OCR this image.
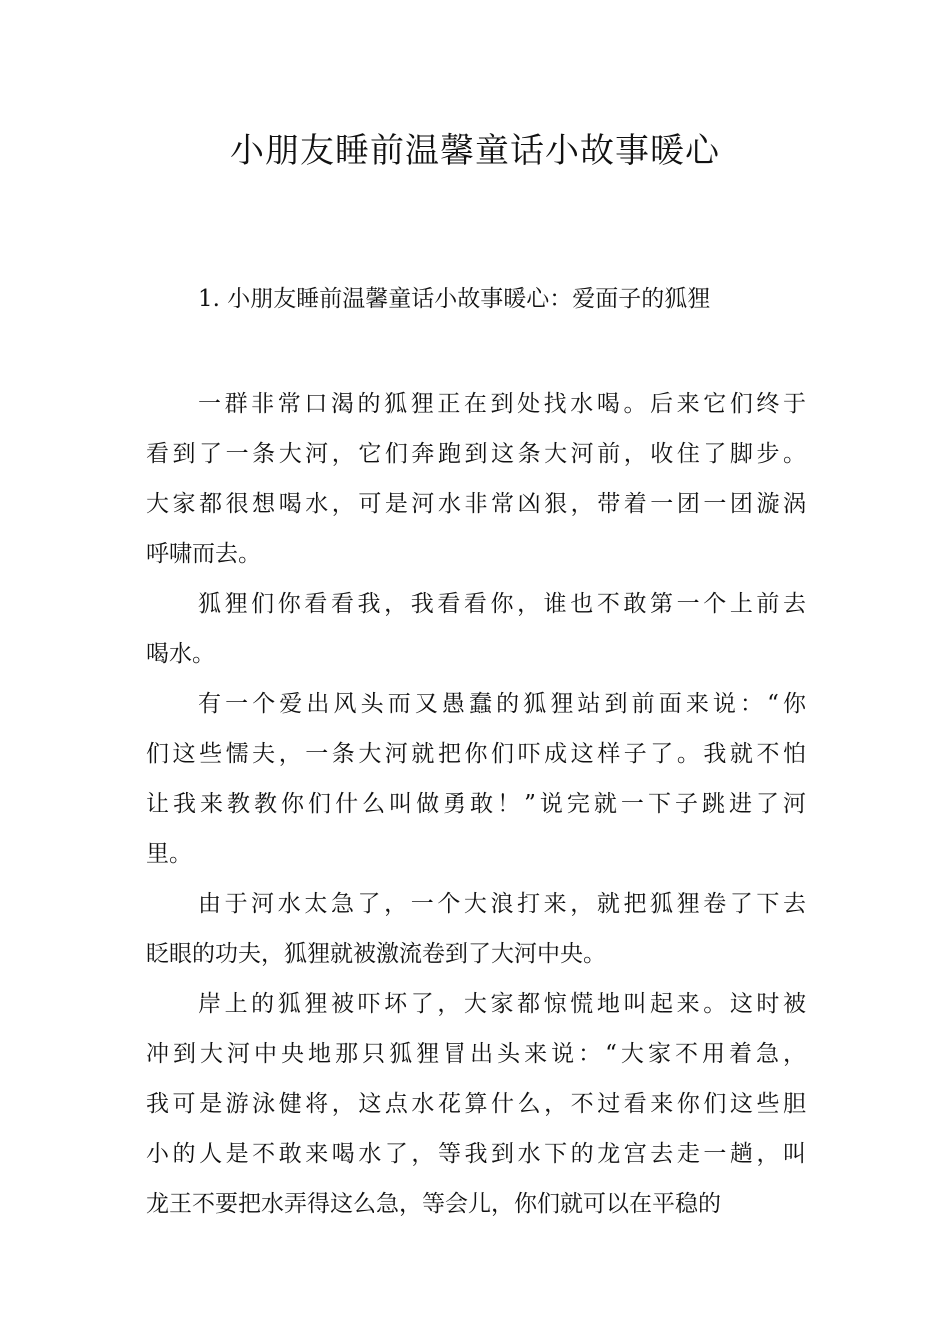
小朋友睡前温馨童话小故事暖心

1. 小朋友睡前温馨童话小故事暖心：爱面子的狐狸

一群非常口渴的狐狸正在到处找水喝。后来它们终于
看到了一条大河，它们奔跑到这条大河前，收住了脚步。
大家都很想喝水，可是河水非常凶狠，带着一团一团漩涡
呼啸而去。
狐狸们你看看我，我看看你，谁也不敢第一个上前去
喝水。
有一个爱出风头而又愚蠢的狐狸站到前面来说：“你
们这些懦夫，一条大河就把你们吓成这样子了。我就不怕
让我来教教你们什么叫做勇敢！”说完就一下子跳进了河
里。
由于河水太急了，一个大浪打来，就把狐狸卷了下去
眨眼的功夫，狐狸就被激流卷到了大河中央。
岸上的狐狸被吓坏了，大家都惊慌地叫起来。这时被
冲到大河中央地那只狐狸冒出头来说：“大家不用着急，
我可是游泳健将，这点水花算什么，不过看来你们这些胆
小的人是不敢来喝水了，等我到水下的龙宫去走一趟，叫
龙王不要把水弄得这么急，等会儿，你们就可以在平稳的
